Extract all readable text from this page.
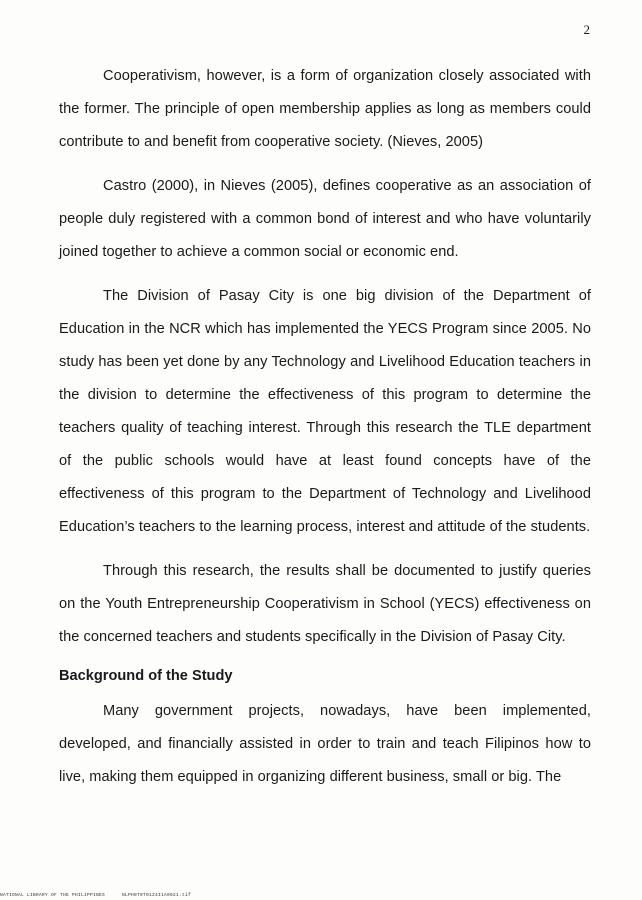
2

Cooperativism, however, is a form of organization closely associated with the former. The principle of open membership applies as long as members could contribute to and benefit from cooperative society. (Nieves, 2005)

Castro (2000), in Nieves (2005), defines cooperative as an association of people duly registered with a common bond of interest and who have voluntarily joined together to achieve a common social or economic end.

The Division of Pasay City is one big division of the Department of Education in the NCR which has implemented the YECS Program since 2005. No study has been yet done by any Technology and Livelihood Education teachers in the division to determine the effectiveness of this program to determine the teachers quality of teaching interest. Through this research the TLE department of the public schools would have at least found concepts have of the effectiveness of this program to the Department of Technology and Livelihood Education’s teachers to the learning process, interest and attitude of the students.

Through this research, the results shall be documented to justify queries on the Youth Entrepreneurship Cooperativism in School (YECS) effectiveness on the concerned teachers and students specifically in the Division of Pasay City.

Background of the Study

Many government projects, nowadays, have been implemented, developed, and financially assisted in order to train and teach Filipinos how to live, making them equipped in organizing different business, small or big. The

NATIONAL LIBRARY OF THE PHILIPPINES	NLPH0T0T0124I1A0021.tif
